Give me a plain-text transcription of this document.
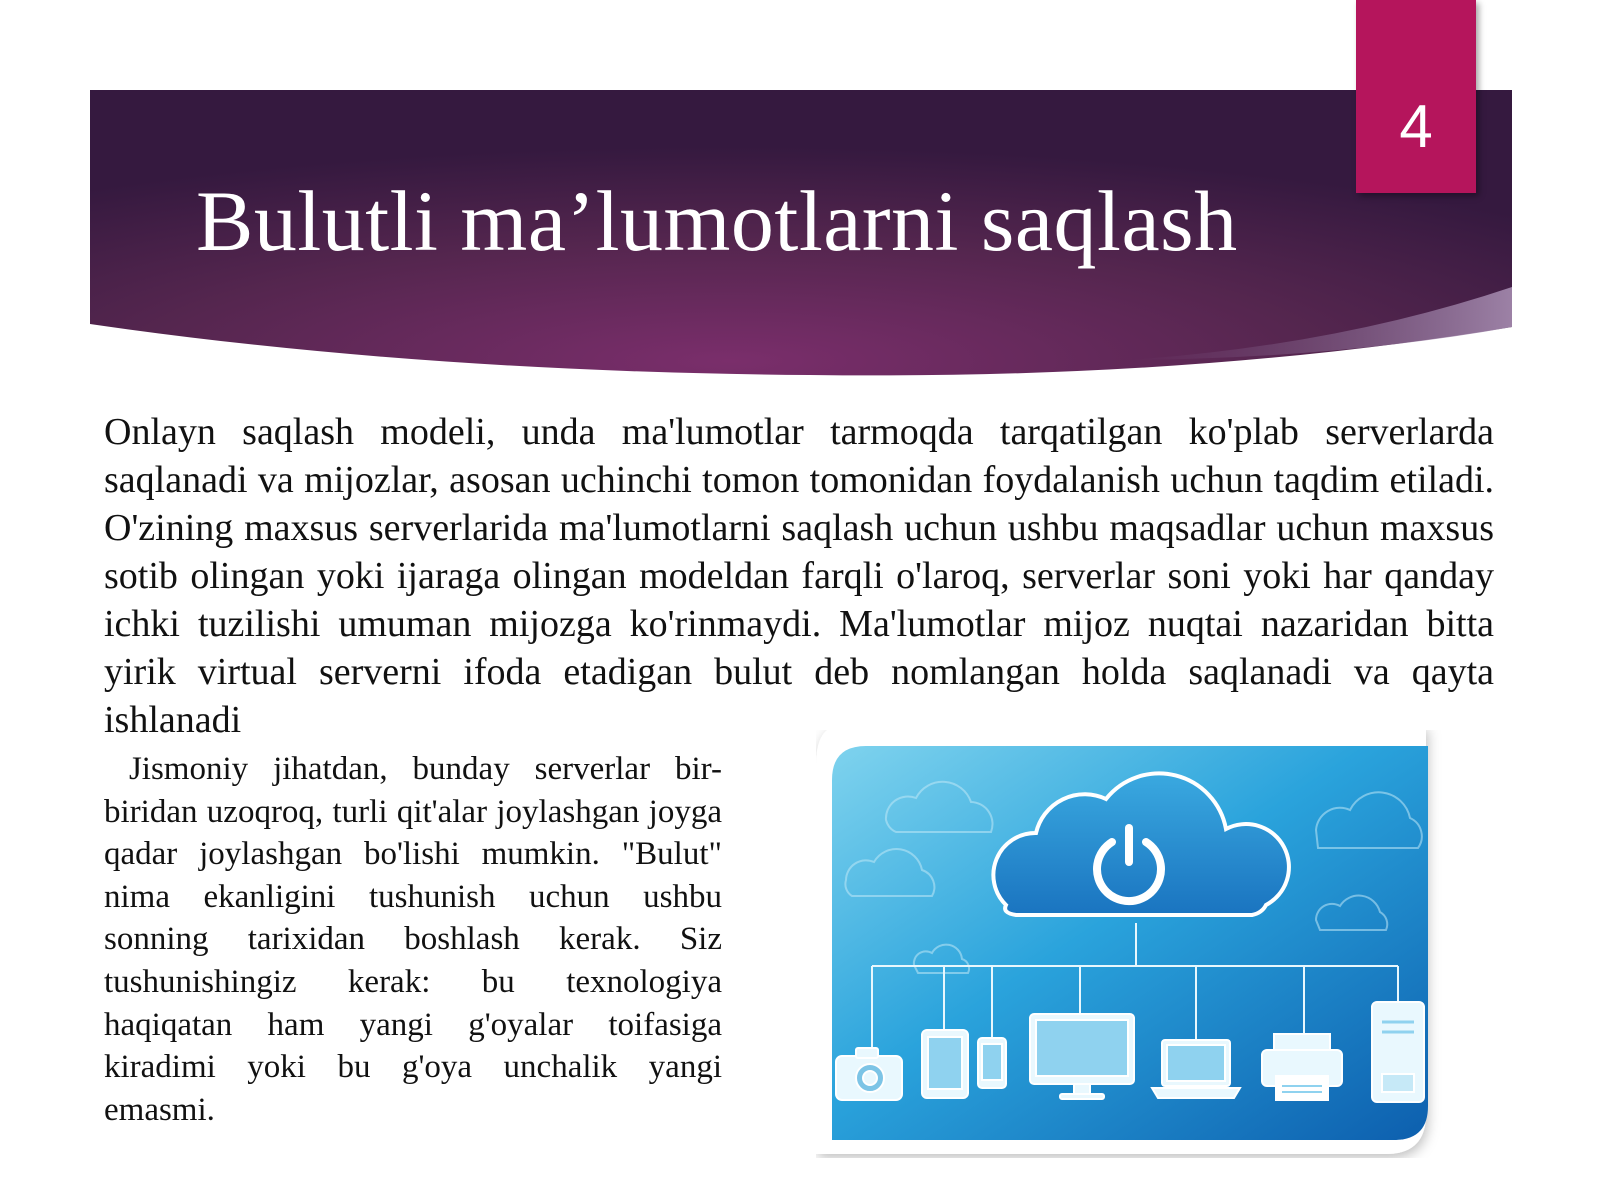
Bulutli ma’lumotlarni saqlash
4

Onlayn saqlash modeli, unda ma'lumotlar tarmoqda tarqatilgan ko'plab serverlarda saqlanadi va mijozlar, asosan uchinchi tomon tomonidan foydalanish uchun taqdim etiladi. O'zining maxsus serverlarida ma'lumotlarni saqlash uchun ushbu maqsadlar uchun maxsus sotib olingan yoki ijaraga olingan modeldan farqli o'laroq, serverlar soni yoki har qanday ichki tuzilishi umuman mijozga ko'rinmaydi. Ma'lumotlar mijoz nuqtai nazaridan bitta yirik virtual serverni ifoda etadigan bulut deb nomlangan holda saqlanadi va qayta ishlanadi

Jismoniy jihatdan, bunday serverlar bir-biridan uzoqroq, turli qit'alar joylashgan joyga qadar joylashgan bo'lishi mumkin. "Bulut" nima ekanligini tushunish uchun ushbu sonning tarixidan boshlash kerak. Siz tushunishingiz kerak: bu texnologiya haqiqatan ham yangi g'oyalar toifasiga kiradimi yoki bu g'oya unchalik yangi emasmi.
